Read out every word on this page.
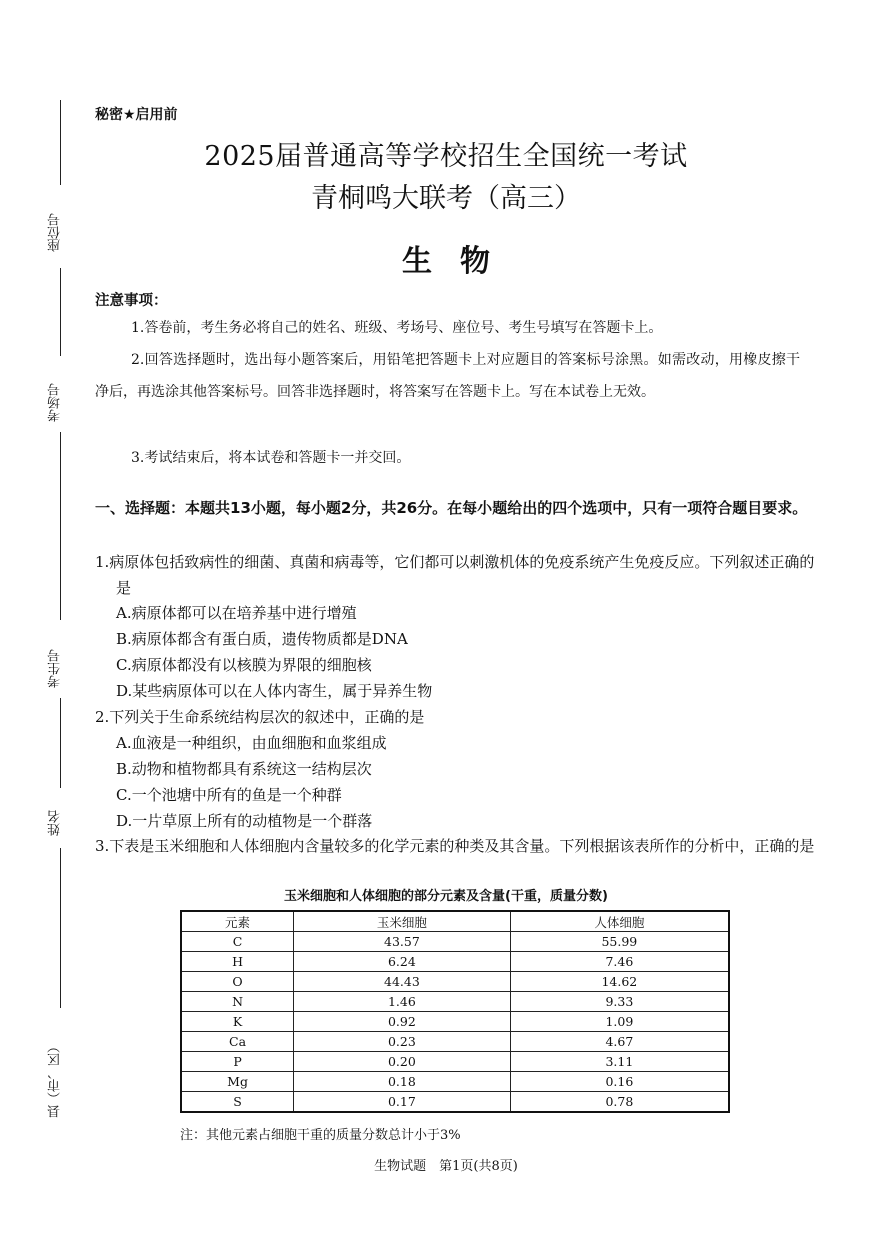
座位号
考场号
考生号
姓名
县（市、区）
秘密★启用前
2025届普通高等学校招生全国统一考试
青桐鸣大联考（高三）
生物
注意事项：
1.答卷前，考生务必将自己的姓名、班级、考场号、座位号、考生号填写在答题卡上。
2.回答选择题时，选出每小题答案后，用铅笔把答题卡上对应题目的答案标号涂黑。如需改动，用橡皮擦干净后，再选涂其他答案标号。回答非选择题时，将答案写在答题卡上。写在本试卷上无效。
3.考试结束后，将本试卷和答题卡一并交回。
一、选择题：本题共13小题，每小题2分，共26分。在每小题给出的四个选项中，只有一项符合题目要求。
1.病原体包括致病性的细菌、真菌和病毒等，它们都可以刺激机体的免疫系统产生免疫反应。下列叙述正确的是
A.病原体都可以在培养基中进行增殖
B.病原体都含有蛋白质，遗传物质都是DNA
C.病原体都没有以核膜为界限的细胞核
D.某些病原体可以在人体内寄生，属于异养生物
2.下列关于生命系统结构层次的叙述中，正确的是
A.血液是一种组织，由血细胞和血浆组成
B.动物和植物都具有系统这一结构层次
C.一个池塘中所有的鱼是一个种群
D.一片草原上所有的动植物是一个群落
3.下表是玉米细胞和人体细胞内含量较多的化学元素的种类及其含量。下列根据该表所作的分析中，正确的是
玉米细胞和人体细胞的部分元素及含量(干重，质量分数)
元素	玉米细胞	人体细胞
C	43.57	55.99
H	6.24	7.46
O	44.43	14.62
N	1.46	9.33
K	0.92	1.09
Ca	0.23	4.67
P	0.20	3.11
Mg	0.18	0.16
S	0.17	0.78
注：其他元素占细胞干重的质量分数总计小于3%
生物试题　第1页(共8页)
